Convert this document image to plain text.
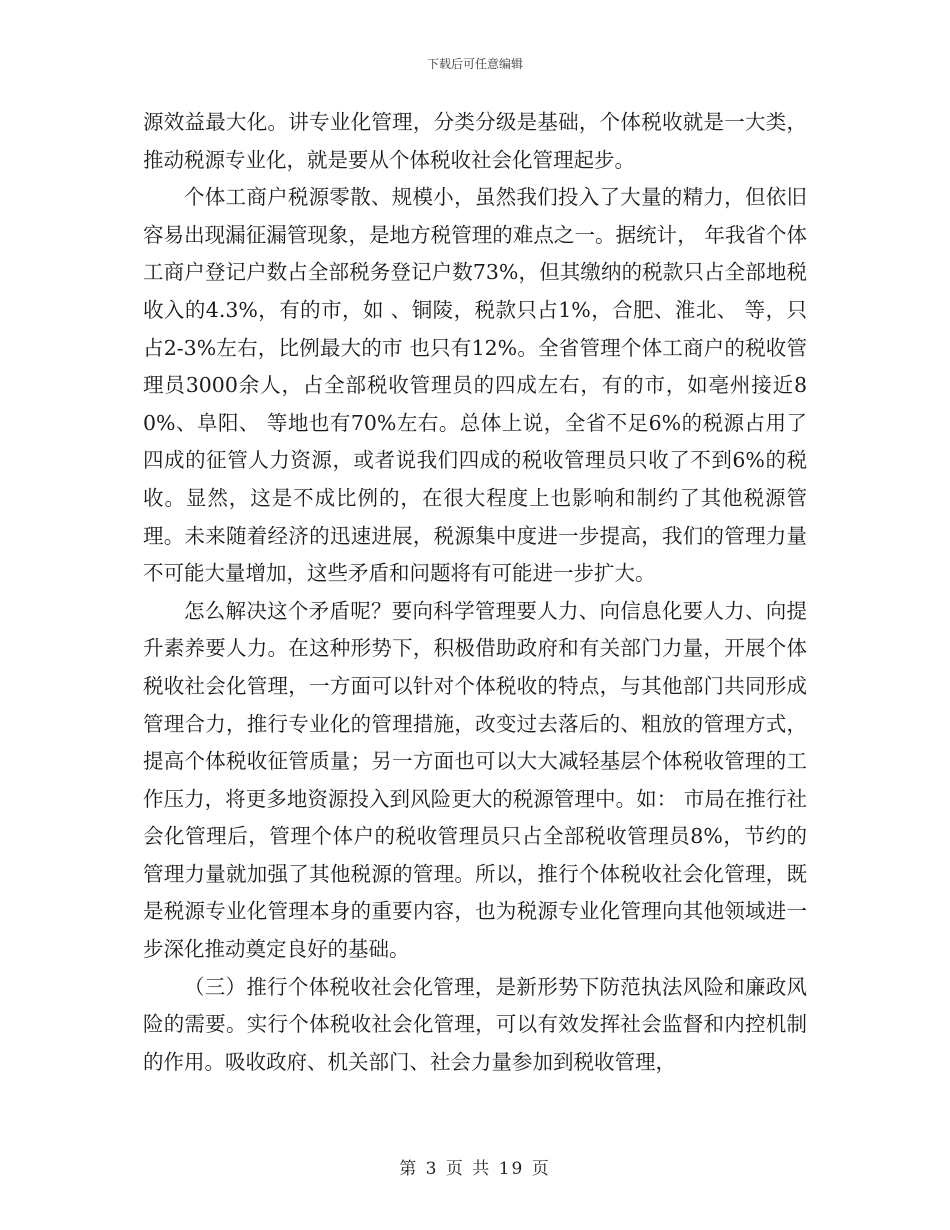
下载后可任意编辑

源效益最大化。讲专业化管理，分类分级是基础，个体税收就是一大类，推动税源专业化，就是要从个体税收社会化管理起步。

个体工商户税源零散、规模小，虽然我们投入了大量的精力，但依旧容易出现漏征漏管现象，是地方税管理的难点之一。据统计， 年我省个体工商户登记户数占全部税务登记户数73%，但其缴纳的税款只占全部地税收入的4.3%，有的市，如 、铜陵，税款只占1%，合肥、淮北、 等，只占2-3%左右，比例最大的市 也只有12%。全省管理个体工商户的税收管理员3000余人，占全部税收管理员的四成左右，有的市，如亳州接近80%、阜阳、 等地也有70%左右。总体上说，全省不足6%的税源占用了四成的征管人力资源，或者说我们四成的税收管理员只收了不到6%的税收。显然，这是不成比例的，在很大程度上也影响和制约了其他税源管理。未来随着经济的迅速进展，税源集中度进一步提高，我们的管理力量不可能大量增加，这些矛盾和问题将有可能进一步扩大。

怎么解决这个矛盾呢？要向科学管理要人力、向信息化要人力、向提升素养要人力。在这种形势下，积极借助政府和有关部门力量，开展个体税收社会化管理，一方面可以针对个体税收的特点，与其他部门共同形成管理合力，推行专业化的管理措施，改变过去落后的、粗放的管理方式，提高个体税收征管质量；另一方面也可以大大减轻基层个体税收管理的工作压力，将更多地资源投入到风险更大的税源管理中。如： 市局在推行社会化管理后，管理个体户的税收管理员只占全部税收管理员8%，节约的管理力量就加强了其他税源的管理。所以，推行个体税收社会化管理，既是税源专业化管理本身的重要内容，也为税源专业化管理向其他领域进一步深化推动奠定良好的基础。

（三）推行个体税收社会化管理，是新形势下防范执法风险和廉政风险的需要。实行个体税收社会化管理，可以有效发挥社会监督和内控机制的作用。吸收政府、机关部门、社会力量参加到税收管理，

第 3 页 共 19 页
